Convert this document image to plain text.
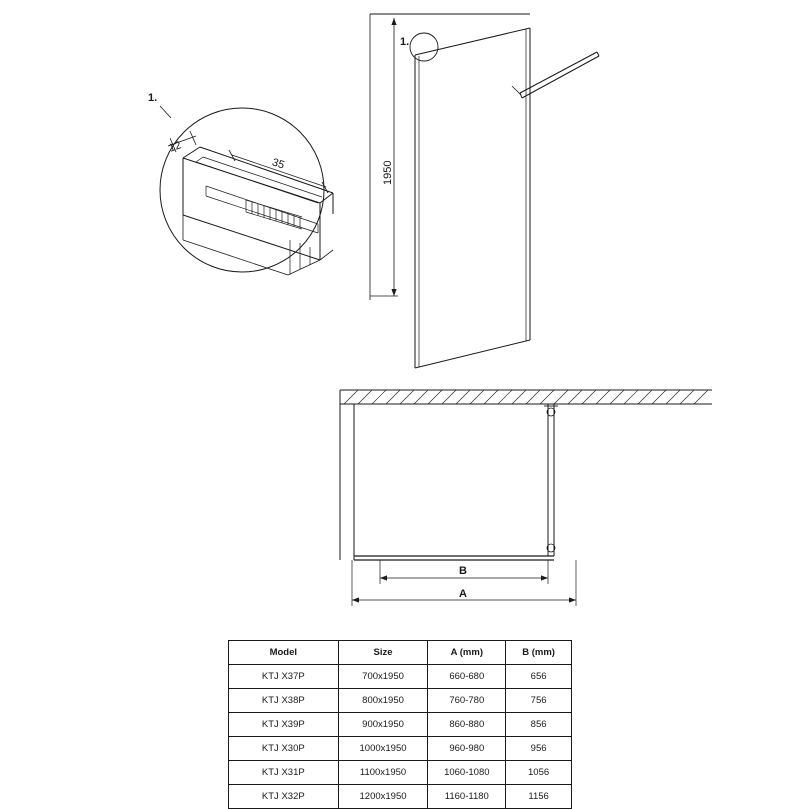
1.
1.
1950
12
35
B
A
Model	Size	A (mm)	B (mm)
KTJ X37P	700x1950	660-680	656
KTJ X38P	800x1950	760-780	756
KTJ X39P	900x1950	860-880	856
KTJ X30P	1000x1950	960-980	956
KTJ X31P	1100x1950	1060-1080	1056
KTJ X32P	1200x1950	1160-1180	1156
